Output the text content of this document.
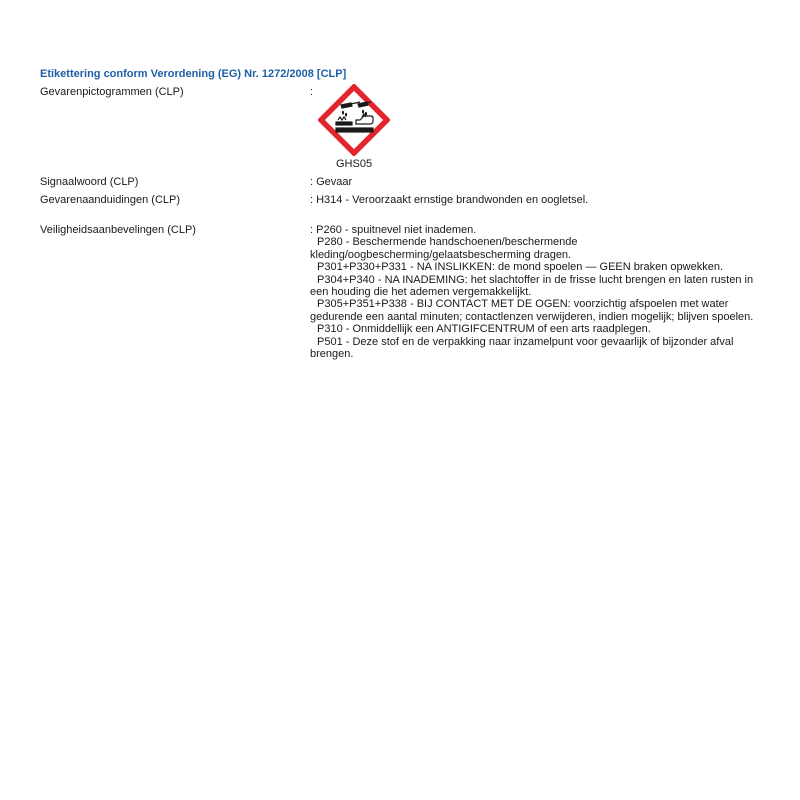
Etikettering conform Verordening (EG) Nr. 1272/2008 [CLP]
Gevarenpictogrammen (CLP)	:
GHS05
Signaalwoord (CLP)	: Gevaar
Gevarenaanduidingen (CLP)	: H314 - Veroorzaakt ernstige brandwonden en oogletsel.
Veiligheidsaanbevelingen (CLP)	: P260 - spuitnevel niet inademen.
P280 - Beschermende handschoenen/beschermende
kleding/oogbescherming/gelaatsbescherming dragen.
P301+P330+P331 - NA INSLIKKEN: de mond spoelen — GEEN braken opwekken.
P304+P340 - NA INADEMING: het slachtoffer in de frisse lucht brengen en laten rusten in
een houding die het ademen vergemakkelijkt.
P305+P351+P338 - BIJ CONTACT MET DE OGEN: voorzichtig afspoelen met water
gedurende een aantal minuten; contactlenzen verwijderen, indien mogelijk; blijven spoelen.
P310 - Onmiddellijk een ANTIGIFCENTRUM of een arts raadplegen.
P501 - Deze stof en de verpakking naar inzamelpunt voor gevaarlijk of bijzonder afval
brengen.
